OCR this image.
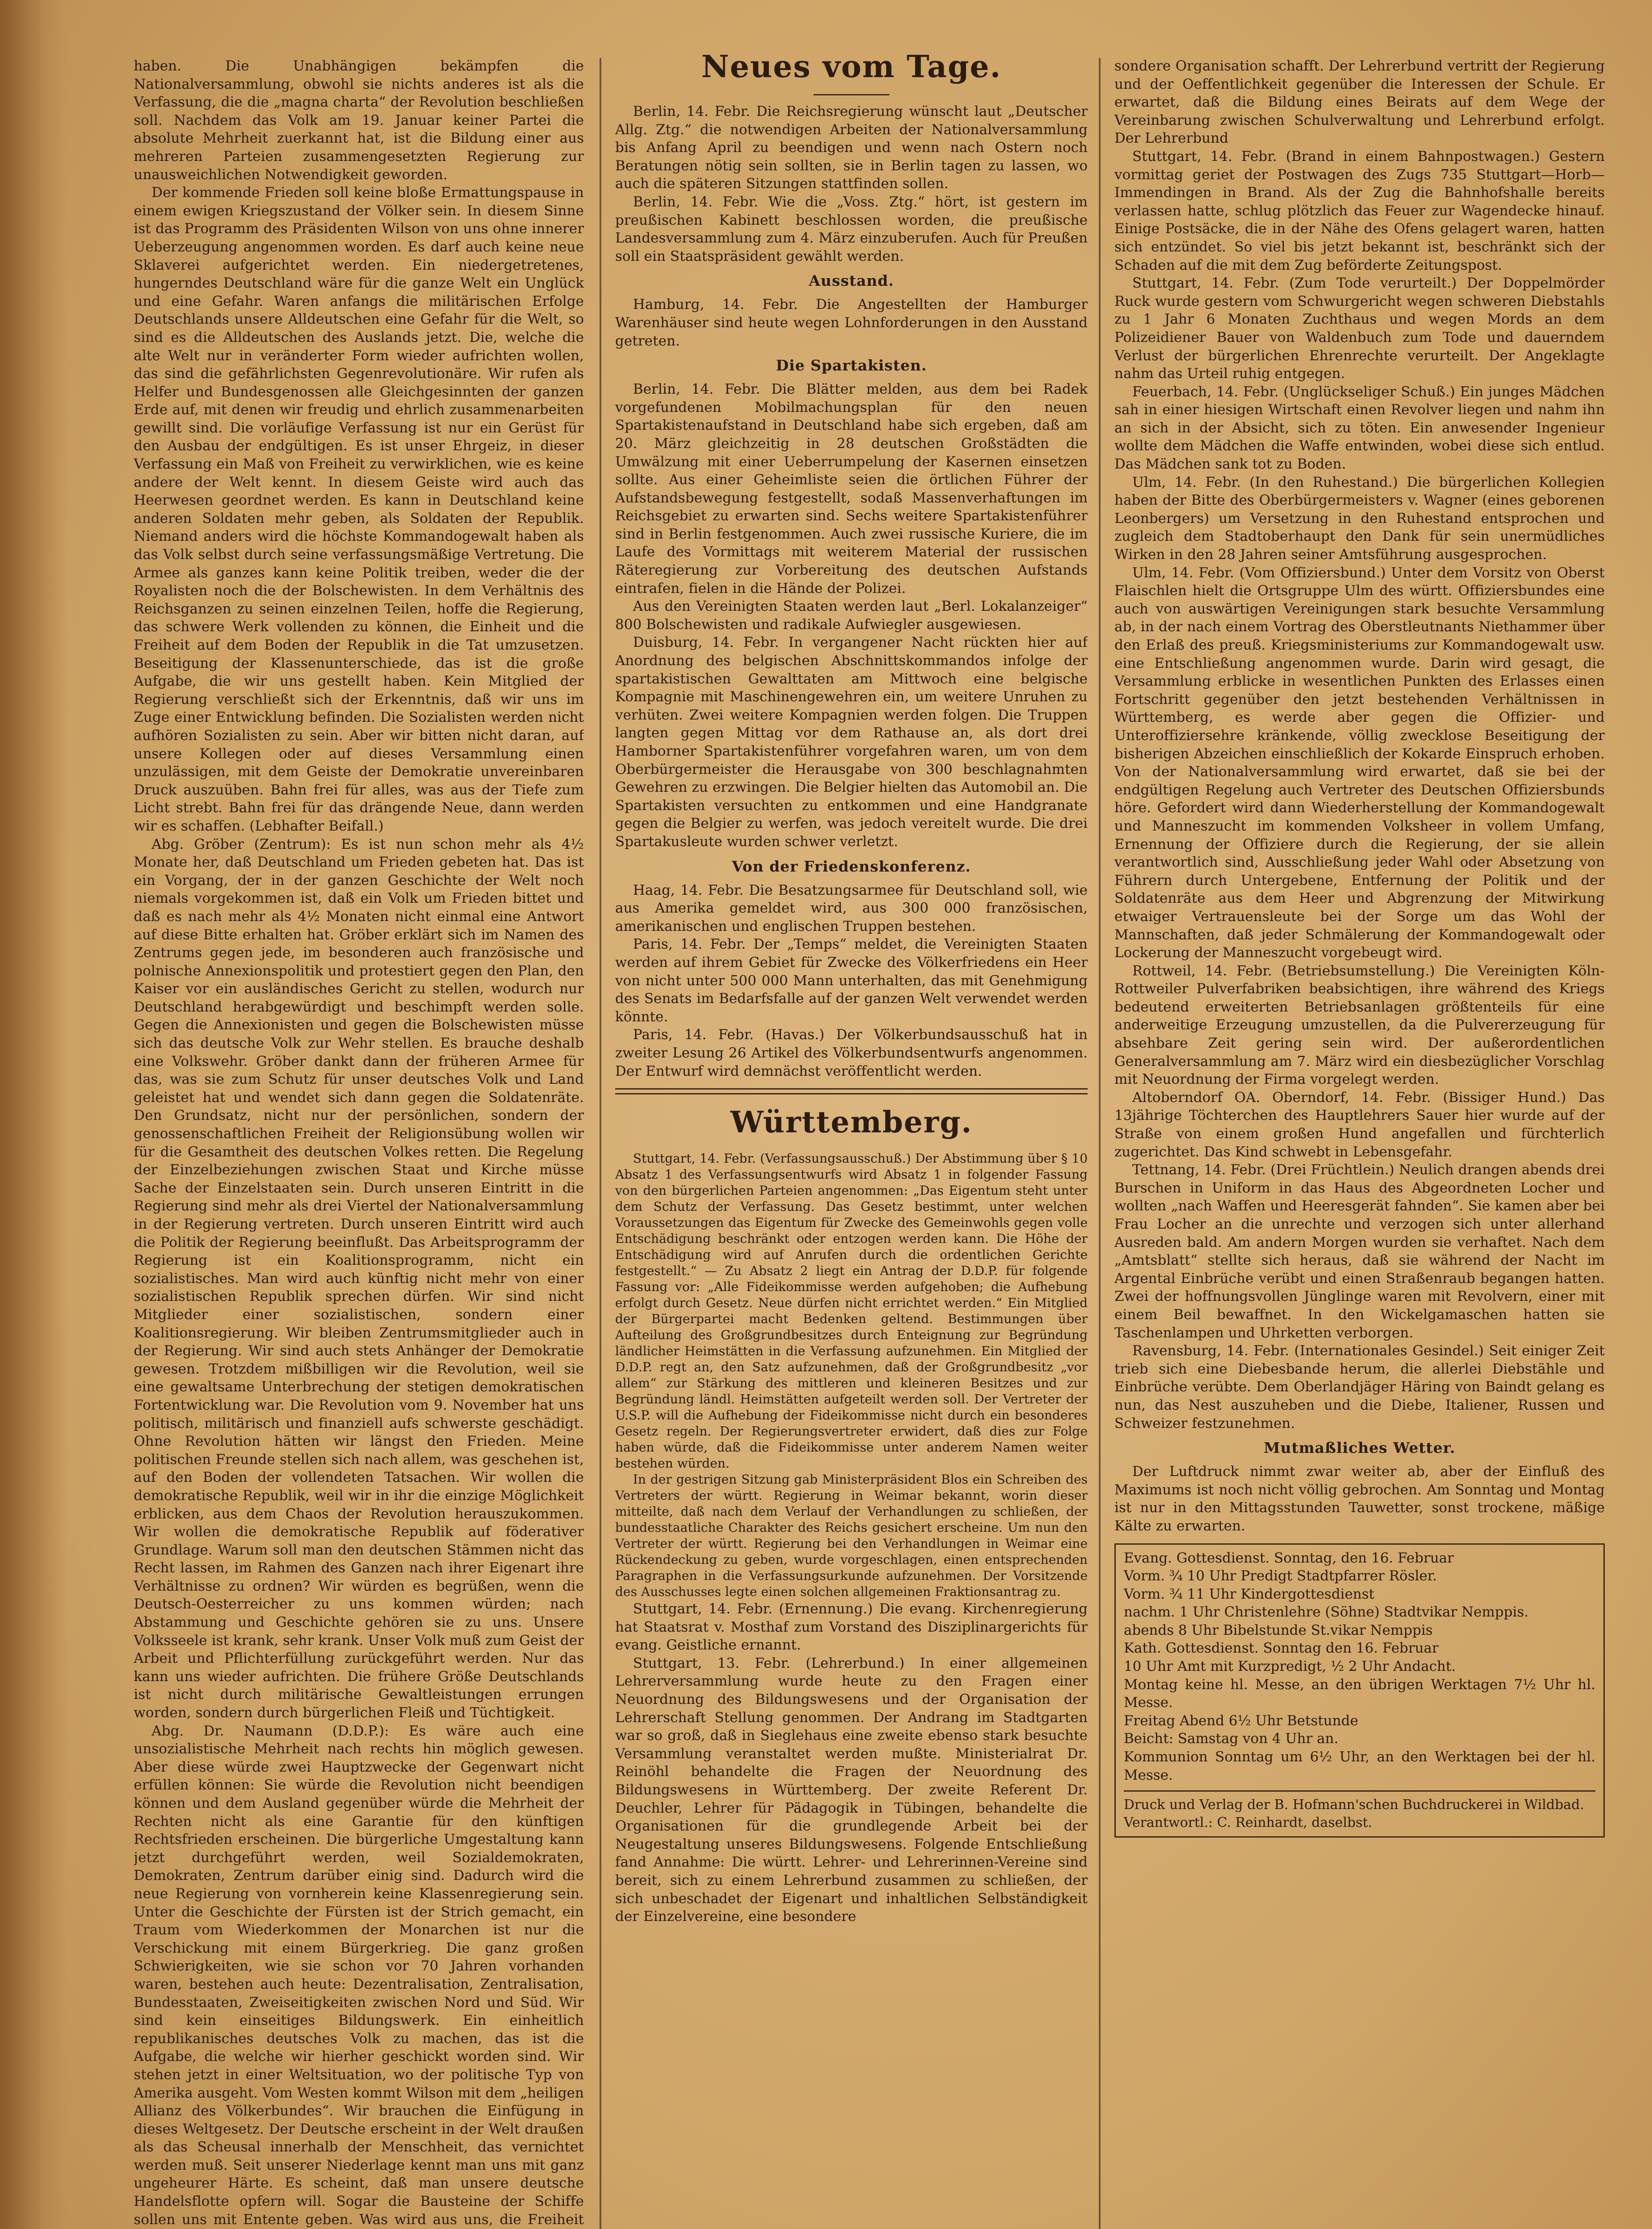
haben. Die Unabhängigen bekämpfen die Nationalversammlung, obwohl sie nichts anderes ist als die Verfassung, die die „magna charta“ der Revolution beschließen soll. Nachdem das Volk am 19. Januar keiner Partei die absolute Mehrheit zuerkannt hat, ist die Bildung einer aus mehreren Parteien zusammengesetzten Regierung zur unausweichlichen Notwendigkeit geworden.

Der kommende Frieden soll keine bloße Ermattungspause in einem ewigen Kriegszustand der Völker sein. In diesem Sinne ist das Programm des Präsidenten Wilson von uns ohne innerer Ueberzeugung angenommen worden. Es darf auch keine neue Sklaverei aufgerichtet werden. Ein niedergetretenes, hungerndes Deutschland wäre für die ganze Welt ein Unglück und eine Gefahr. Waren anfangs die militärischen Erfolge Deutschlands unsere Alldeutschen eine Gefahr für die Welt, so sind es die Alldeutschen des Auslands jetzt. Die, welche die alte Welt nur in veränderter Form wieder aufrichten wollen, das sind die gefährlichsten Gegenrevolutionäre. Wir rufen als Helfer und Bundesgenossen alle Gleichgesinnten der ganzen Erde auf, mit denen wir freudig und ehrlich zusammenarbeiten gewillt sind. Die vorläufige Verfassung ist nur ein Gerüst für den Ausbau der endgültigen. Es ist unser Ehrgeiz, in dieser Verfassung ein Maß von Freiheit zu verwirklichen, wie es keine andere der Welt kennt. In diesem Geiste wird auch das Heerwesen geordnet werden. Es kann in Deutschland keine anderen Soldaten mehr geben, als Soldaten der Republik. Niemand anders wird die höchste Kommandogewalt haben als das Volk selbst durch seine verfassungsmäßige Vertretung. Die Armee als ganzes kann keine Politik treiben, weder die der Royalisten noch die der Bolschewisten. In dem Verhältnis des Reichsganzen zu seinen einzelnen Teilen, hoffe die Regierung, das schwere Werk vollenden zu können, die Einheit und die Freiheit auf dem Boden der Republik in die Tat umzusetzen. Beseitigung der Klassenunterschiede, das ist die große Aufgabe, die wir uns gestellt haben. Kein Mitglied der Regierung verschließt sich der Erkenntnis, daß wir uns im Zuge einer Entwicklung befinden. Die Sozialisten werden nicht aufhören Sozialisten zu sein. Aber wir bitten nicht daran, auf unsere Kollegen oder auf dieses Versammlung einen unzulässigen, mit dem Geiste der Demokratie unvereinbaren Druck auszuüben. Bahn frei für alles, was aus der Tiefe zum Licht strebt. Bahn frei für das drängende Neue, dann werden wir es schaffen. (Lebhafter Beifall.)

Abg. Gröber (Zentrum): Es ist nun schon mehr als 4½ Monate her, daß Deutschland um Frieden gebeten hat. Das ist ein Vorgang, der in der ganzen Geschichte der Welt noch niemals vorgekommen ist, daß ein Volk um Frieden bittet und daß es nach mehr als 4½ Monaten nicht einmal eine Antwort auf diese Bitte erhalten hat. Gröber erklärt sich im Namen des Zentrums gegen jede, im besonderen auch französische und polnische Annexionspolitik und protestiert gegen den Plan, den Kaiser vor ein ausländisches Gericht zu stellen, wodurch nur Deutschland herabgewürdigt und beschimpft werden solle. Gegen die Annexionisten und gegen die Bolschewisten müsse sich das deutsche Volk zur Wehr stellen. Es brauche deshalb eine Volkswehr. Gröber dankt dann der früheren Armee für das, was sie zum Schutz für unser deutsches Volk und Land geleistet hat und wendet sich dann gegen die Soldatenräte. Den Grundsatz, nicht nur der persönlichen, sondern der genossenschaftlichen Freiheit der Religionsübung wollen wir für die Gesamtheit des deutschen Volkes retten. Die Regelung der Einzelbeziehungen zwischen Staat und Kirche müsse Sache der Einzelstaaten sein. Durch unseren Eintritt in die Regierung sind mehr als drei Viertel der Nationalversammlung in der Regierung vertreten. Durch unseren Eintritt wird auch die Politik der Regierung beeinflußt. Das Arbeitsprogramm der Regierung ist ein Koalitionsprogramm, nicht ein sozialistisches. Man wird auch künftig nicht mehr von einer sozialistischen Republik sprechen dürfen. Wir sind nicht Mitglieder einer sozialistischen, sondern einer Koalitionsregierung. Wir bleiben Zentrumsmitglieder auch in der Regierung. Wir sind auch stets Anhänger der Demokratie gewesen. Trotzdem mißbilligen wir die Revolution, weil sie eine gewaltsame Unterbrechung der stetigen demokratischen Fortentwicklung war. Die Revolution vom 9. November hat uns politisch, militärisch und finanziell aufs schwerste geschädigt. Ohne Revolution hätten wir längst den Frieden. Meine politischen Freunde stellen sich nach allem, was geschehen ist, auf den Boden der vollendeten Tatsachen. Wir wollen die demokratische Republik, weil wir in ihr die einzige Möglichkeit erblicken, aus dem Chaos der Revolution herauszukommen. Wir wollen die demokratische Republik auf föderativer Grundlage. Warum soll man den deutschen Stämmen nicht das Recht lassen, im Rahmen des Ganzen nach ihrer Eigenart ihre Verhältnisse zu ordnen? Wir würden es begrüßen, wenn die Deutsch-Oesterreicher zu uns kommen würden; nach Abstammung und Geschichte gehören sie zu uns. Unsere Volksseele ist krank, sehr krank. Unser Volk muß zum Geist der Arbeit und Pflichterfüllung zurückgeführt werden. Nur das kann uns wieder aufrichten. Die frühere Größe Deutschlands ist nicht durch militärische Gewaltleistungen errungen worden, sondern durch bürgerlichen Fleiß und Tüchtigkeit.

Abg. Dr. Naumann (D.D.P.): Es wäre auch eine unsozialistische Mehrheit nach rechts hin möglich gewesen. Aber diese würde zwei Hauptzwecke der Gegenwart nicht erfüllen können: Sie würde die Revolution nicht beendigen können und dem Ausland gegenüber würde die Mehrheit der Rechten nicht als eine Garantie für den künftigen Rechtsfrieden erscheinen. Die bürgerliche Umgestaltung kann jetzt durchgeführt werden, weil Sozialdemokraten, Demokraten, Zentrum darüber einig sind. Dadurch wird die neue Regierung von vornherein keine Klassenregierung sein. Unter die Geschichte der Fürsten ist der Strich gemacht, ein Traum vom Wiederkommen der Monarchen ist nur die Verschickung mit einem Bürgerkrieg. Die ganz großen Schwierigkeiten, wie sie schon vor 70 Jahren vorhanden waren, bestehen auch heute: Dezentralisation, Zentralisation, Bundesstaaten, Zweiseitigkeiten zwischen Nord und Süd. Wir sind kein einseitiges Bildungswerk. Ein einheitlich republikanisches deutsches Volk zu machen, das ist die Aufgabe, die welche wir hierher geschickt worden sind. Wir stehen jetzt in einer Weltsituation, wo der politische Typ von Amerika ausgeht. Vom Westen kommt Wilson mit dem „heiligen Allianz des Völkerbundes“. Wir brauchen die Einfügung in dieses Weltgesetz. Der Deutsche erscheint in der Welt draußen als das Scheusal innerhalb der Menschheit, das vernichtet werden muß. Seit unserer Niederlage kennt man uns mit ganz ungeheurer Härte. Es scheint, daß man unsere deutsche Handelsflotte opfern will. Sogar die Bausteine der Schiffe sollen uns mit Entente geben. Was wird aus uns, die Freiheit

Neues vom Tage.

Berlin, 14. Febr. Die Reichsregierung wünscht laut „Deutscher Allg. Ztg.“ die notwendigen Arbeiten der Nationalversammlung bis Anfang April zu beendigen und wenn nach Ostern noch Beratungen nötig sein sollten, sie in Berlin tagen zu lassen, wo auch die späteren Sitzungen stattfinden sollen.

Berlin, 14. Febr. Wie die „Voss. Ztg.“ hört, ist gestern im preußischen Kabinett beschlossen worden, die preußische Landesversammlung zum 4. März einzuberufen. Auch für Preußen soll ein Staatspräsident gewählt werden.

Ausstand.

Hamburg, 14. Febr. Die Angestellten der Hamburger Warenhäuser sind heute wegen Lohnforderungen in den Ausstand getreten.

Die Spartakisten.

Berlin, 14. Febr. Die Blätter melden, aus dem bei Radek vorgefundenen Mobilmachungsplan für den neuen Spartakistenaufstand in Deutschland habe sich ergeben, daß am 20. März gleichzeitig in 28 deutschen Großstädten die Umwälzung mit einer Ueberrumpelung der Kasernen einsetzen sollte. Aus einer Geheimliste seien die örtlichen Führer der Aufstandsbewegung festgestellt, sodaß Massenverhaftungen im Reichsgebiet zu erwarten sind. Sechs weitere Spartakistenführer sind in Berlin festgenommen. Auch zwei russische Kuriere, die im Laufe des Vormittags mit weiterem Material der russischen Räteregierung zur Vorbereitung des deutschen Aufstands eintrafen, fielen in die Hände der Polizei.

Aus den Vereinigten Staaten werden laut „Berl. Lokalanzeiger“ 800 Bolschewisten und radikale Aufwiegler ausgewiesen.

Duisburg, 14. Febr. In vergangener Nacht rückten hier auf Anordnung des belgischen Abschnittskommandos infolge der spartakistischen Gewalttaten am Mittwoch eine belgische Kompagnie mit Maschinengewehren ein, um weitere Unruhen zu verhüten. Zwei weitere Kompagnien werden folgen. Die Truppen langten gegen Mittag vor dem Rathause an, als dort drei Hamborner Spartakistenführer vorgefahren waren, um von dem Oberbürgermeister die Herausgabe von 300 beschlagnahmten Gewehren zu erzwingen. Die Belgier hielten das Automobil an. Die Spartakisten versuchten zu entkommen und eine Handgranate gegen die Belgier zu werfen, was jedoch vereitelt wurde. Die drei Spartakusleute wurden schwer verletzt.

Von der Friedenskonferenz.

Haag, 14. Febr. Die Besatzungsarmee für Deutschland soll, wie aus Amerika gemeldet wird, aus 300 000 französischen, amerikanischen und englischen Truppen bestehen.

Paris, 14. Febr. Der „Temps“ meldet, die Vereinigten Staaten werden auf ihrem Gebiet für Zwecke des Völkerfriedens ein Heer von nicht unter 500 000 Mann unterhalten, das mit Genehmigung des Senats im Bedarfsfalle auf der ganzen Welt verwendet werden könnte.

Paris, 14. Febr. (Havas.) Der Völkerbundsausschuß hat in zweiter Lesung 26 Artikel des Völkerbundsentwurfs angenommen. Der Entwurf wird demnächst veröffentlicht werden.

Württemberg.

Stuttgart, 14. Febr. (Verfassungsausschuß.) Der Abstimmung über § 10 Absatz 1 des Verfassungsentwurfs wird Absatz 1 in folgender Fassung von den bürgerlichen Parteien angenommen: „Das Eigentum steht unter dem Schutz der Verfassung. Das Gesetz bestimmt, unter welchen Voraussetzungen das Eigentum für Zwecke des Gemeinwohls gegen volle Entschädigung beschränkt oder entzogen werden kann. Die Höhe der Entschädigung wird auf Anrufen durch die ordentlichen Gerichte festgestellt.“ — Zu Absatz 2 liegt ein Antrag der D.D.P. für folgende Fassung vor: „Alle Fideikommisse werden aufgehoben; die Aufhebung erfolgt durch Gesetz. Neue dürfen nicht errichtet werden.“ Ein Mitglied der Bürgerpartei macht Bedenken geltend. Bestimmungen über Aufteilung des Großgrundbesitzes durch Enteignung zur Begründung ländlicher Heimstätten in die Verfassung aufzunehmen. Ein Mitglied der D.D.P. regt an, den Satz aufzunehmen, daß der Großgrundbesitz „vor allem“ zur Stärkung des mittleren und kleineren Besitzes und zur Begründung ländl. Heimstätten aufgeteilt werden soll. Der Vertreter der U.S.P. will die Aufhebung der Fideikommisse nicht durch ein besonderes Gesetz regeln. Der Regierungsvertreter erwidert, daß dies zur Folge haben würde, daß die Fideikommisse unter anderem Namen weiter bestehen würden.

In der gestrigen Sitzung gab Ministerpräsident Blos ein Schreiben des Vertreters der württ. Regierung in Weimar bekannt, worin dieser mitteilte, daß nach dem Verlauf der Verhandlungen zu schließen, der bundesstaatliche Charakter des Reichs gesichert erscheine. Um nun den Vertreter der württ. Regierung bei den Verhandlungen in Weimar eine Rückendeckung zu geben, wurde vorgeschlagen, einen entsprechenden Paragraphen in die Verfassungsurkunde aufzunehmen. Der Vorsitzende des Ausschusses legte einen solchen allgemeinen Fraktionsantrag zu.

Stuttgart, 14. Febr. (Ernennung.) Die evang. Kirchenregierung hat Staatsrat v. Mosthaf zum Vorstand des Disziplinargerichts für evang. Geistliche ernannt.

Stuttgart, 13. Febr. (Lehrerbund.) In einer allgemeinen Lehrerversammlung wurde heute zu den Fragen einer Neuordnung des Bildungswesens und der Organisation der Lehrerschaft Stellung genommen. Der Andrang im Stadtgarten war so groß, daß in Sieglehaus eine zweite ebenso stark besuchte Versammlung veranstaltet werden mußte. Ministerialrat Dr. Reinöhl behandelte die Fragen der Neuordnung des Bildungswesens in Württemberg. Der zweite Referent Dr. Deuchler, Lehrer für Pädagogik in Tübingen, behandelte die Organisationen für die grundlegende Arbeit bei der Neugestaltung unseres Bildungswesens. Folgende Entschließung fand Annahme: Die württ. Lehrer- und Lehrerinnen-Vereine sind bereit, sich zu einem Lehrerbund zusammen zu schließen, der sich unbeschadet der Eigenart und inhaltlichen Selbständigkeit der Einzelvereine, eine besondere

sondere Organisation schafft. Der Lehrerbund vertritt der Regierung und der Oeffentlichkeit gegenüber die Interessen der Schule. Er erwartet, daß die Bildung eines Beirats auf dem Wege der Vereinbarung zwischen Schulverwaltung und Lehrerbund erfolgt. Der Lehrerbund

Stuttgart, 14. Febr. (Brand in einem Bahnpostwagen.) Gestern vormittag geriet der Postwagen des Zugs 735 Stuttgart—Horb—Immendingen in Brand. Als der Zug die Bahnhofshalle bereits verlassen hatte, schlug plötzlich das Feuer zur Wagendecke hinauf. Einige Postsäcke, die in der Nähe des Ofens gelagert waren, hatten sich entzündet. So viel bis jetzt bekannt ist, beschränkt sich der Schaden auf die mit dem Zug beförderte Zeitungspost.

Stuttgart, 14. Febr. (Zum Tode verurteilt.) Der Doppelmörder Ruck wurde gestern vom Schwurgericht wegen schweren Diebstahls zu 1 Jahr 6 Monaten Zuchthaus und wegen Mords an dem Polizeidiener Bauer von Waldenbuch zum Tode und dauerndem Verlust der bürgerlichen Ehrenrechte verurteilt. Der Angeklagte nahm das Urteil ruhig entgegen.

Feuerbach, 14. Febr. (Unglückseliger Schuß.) Ein junges Mädchen sah in einer hiesigen Wirtschaft einen Revolver liegen und nahm ihn an sich in der Absicht, sich zu töten. Ein anwesender Ingenieur wollte dem Mädchen die Waffe entwinden, wobei diese sich entlud. Das Mädchen sank tot zu Boden.

Ulm, 14. Febr. (In den Ruhestand.) Die bürgerlichen Kollegien haben der Bitte des Oberbürgermeisters v. Wagner (eines geborenen Leonbergers) um Versetzung in den Ruhestand entsprochen und zugleich dem Stadtoberhaupt den Dank für sein unermüdliches Wirken in den 28 Jahren seiner Amtsführung ausgesprochen.

Ulm, 14. Febr. (Vom Offiziersbund.) Unter dem Vorsitz von Oberst Flaischlen hielt die Ortsgruppe Ulm des württ. Offiziersbundes eine auch von auswärtigen Vereinigungen stark besuchte Versammlung ab, in der nach einem Vortrag des Oberstleutnants Niethammer über den Erlaß des preuß. Kriegsministeriums zur Kommandogewalt usw. eine Entschließung angenommen wurde. Darin wird gesagt, die Versammlung erblicke in wesentlichen Punkten des Erlasses einen Fortschritt gegenüber den jetzt bestehenden Verhältnissen in Württemberg, es werde aber gegen die Offizier- und Unteroffiziersehre kränkende, völlig zwecklose Beseitigung der bisherigen Abzeichen einschließlich der Kokarde Einspruch erhoben. Von der Nationalversammlung wird erwartet, daß sie bei der endgültigen Regelung auch Vertreter des Deutschen Offiziersbunds höre. Gefordert wird dann Wiederherstellung der Kommandogewalt und Manneszucht im kommenden Volksheer in vollem Umfang, Ernennung der Offiziere durch die Regierung, der sie allein verantwortlich sind, Ausschließung jeder Wahl oder Absetzung von Führern durch Untergebene, Entfernung der Politik und der Soldatenräte aus dem Heer und Abgrenzung der Mitwirkung etwaiger Vertrauensleute bei der Sorge um das Wohl der Mannschaften, daß jeder Schmälerung der Kommandogewalt oder Lockerung der Manneszucht vorgebeugt wird.

Rottweil, 14. Febr. (Betriebsumstellung.) Die Vereinigten Köln-Rottweiler Pulverfabriken beabsichtigen, ihre während des Kriegs bedeutend erweiterten Betriebsanlagen größtenteils für eine anderweitige Erzeugung umzustellen, da die Pulvererzeugung für absehbare Zeit gering sein wird. Der außerordentlichen Generalversammlung am 7. März wird ein diesbezüglicher Vorschlag mit Neuordnung der Firma vorgelegt werden.

Altoberndorf OA. Oberndorf, 14. Febr. (Bissiger Hund.) Das 13jährige Töchterchen des Hauptlehrers Sauer hier wurde auf der Straße von einem großen Hund angefallen und fürchterlich zugerichtet. Das Kind schwebt in Lebensgefahr.

Tettnang, 14. Febr. (Drei Früchtlein.) Neulich drangen abends drei Burschen in Uniform in das Haus des Abgeordneten Locher und wollten „nach Waffen und Heeresgerät fahnden“. Sie kamen aber bei Frau Locher an die unrechte und verzogen sich unter allerhand Ausreden bald. Am andern Morgen wurden sie verhaftet. Nach dem „Amtsblatt“ stellte sich heraus, daß sie während der Nacht im Argental Einbrüche verübt und einen Straßenraub begangen hatten. Zwei der hoffnungsvollen Jünglinge waren mit Revolvern, einer mit einem Beil bewaffnet. In den Wickelgamaschen hatten sie Taschenlampen und Uhrketten verborgen.

Ravensburg, 14. Febr. (Internationales Gesindel.) Seit einiger Zeit trieb sich eine Diebesbande herum, die allerlei Diebstähle und Einbrüche verübte. Dem Oberlandjäger Häring von Baindt gelang es nun, das Nest auszuheben und die Diebe, Italiener, Russen und Schweizer festzunehmen.

Mutmaßliches Wetter.

Der Luftdruck nimmt zwar weiter ab, aber der Einfluß des Maximums ist noch nicht völlig gebrochen. Am Sonntag und Montag ist nur in den Mittagsstunden Tauwetter, sonst trockene, mäßige Kälte zu erwarten.

Evang. Gottesdienst. Sonntag, den 16. Februar

Vorm. ¾ 10 Uhr Predigt Stadtpfarrer Rösler.

Vorm. ¾ 11 Uhr Kindergottesdienst

nachm. 1 Uhr Christenlehre (Söhne) Stadtvikar Nemppis.

abends 8 Uhr Bibelstunde St.vikar Nemppis

Kath. Gottesdienst. Sonntag den 16. Februar

10 Uhr Amt mit Kurzpredigt, ½ 2 Uhr Andacht.

Montag keine hl. Messe, an den übrigen Werktagen 7½ Uhr hl. Messe.

Freitag Abend 6½ Uhr Betstunde

Beicht: Samstag von 4 Uhr an.

Kommunion Sonntag um 6½ Uhr, an den Werktagen bei der hl. Messe.

Druck und Verlag der B. Hofmann'schen Buchdruckerei in Wildbad. Verantwortl.: C. Reinhardt, daselbst.
